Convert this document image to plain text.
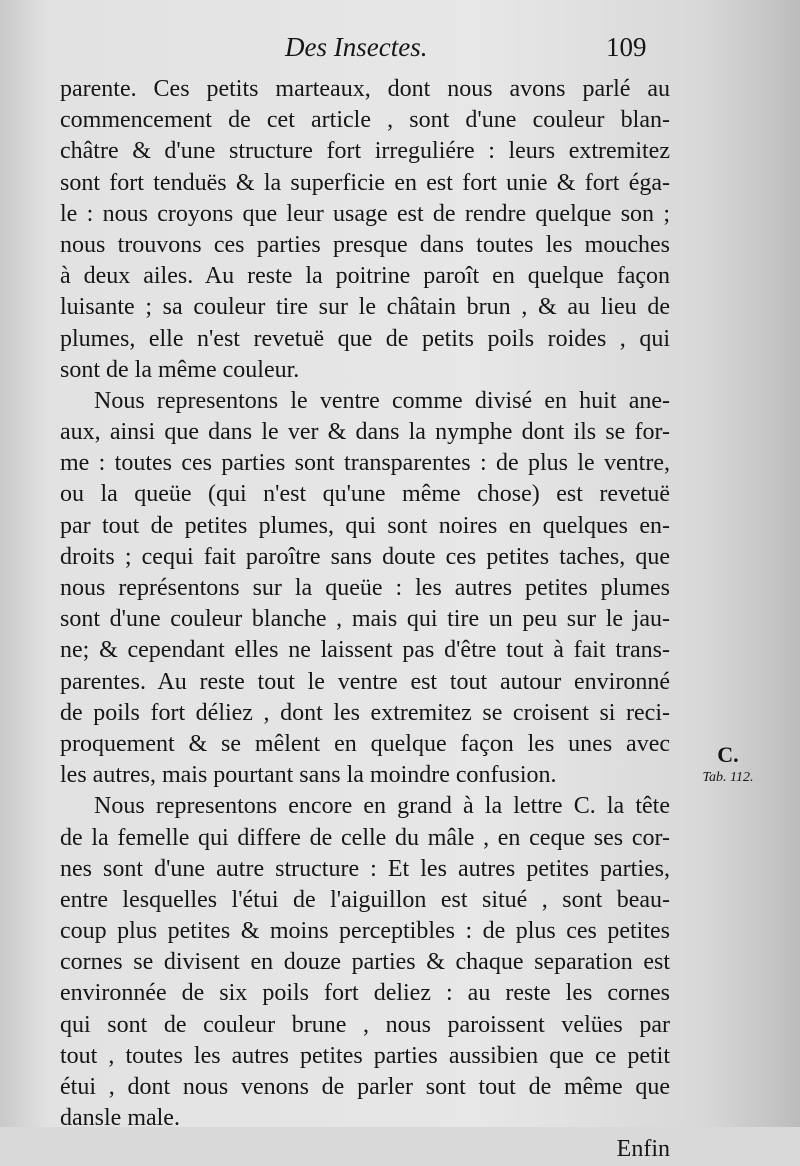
Des Insectes.	109
parente. Ces petits marteaux, dont nous avons parlé au
commencement de cet article , sont d'une couleur blan-
châtre & d'une structure fort irreguliére : leurs extremitez
sont fort tenduës & la superficie en est fort unie & fort éga-
le : nous croyons que leur usage est de rendre quelque son ;
nous trouvons ces parties presque dans toutes les mouches
à deux ailes. Au reste la poitrine paroît en quelque façon
luisante ; sa couleur tire sur le châtain brun , & au lieu de
plumes, elle n'est revetuë que de petits poils roides , qui
sont de la même couleur.
Nous representons le ventre comme divisé en huit ane-
aux, ainsi que dans le ver & dans la nymphe dont ils se for-
me : toutes ces parties sont transparentes : de plus le ventre,
ou la queüe (qui n'est qu'une même chose) est revetuë
par tout de petites plumes, qui sont noires en quelques en-
droits ; cequi fait paroître sans doute ces petites taches, que
nous représentons sur la queüe : les autres petites plumes
sont d'une couleur blanche , mais qui tire un peu sur le jau-
ne; & cependant elles ne laissent pas d'être tout à fait trans-
parentes. Au reste tout le ventre est tout autour environné
de poils fort déliez , dont les extremitez se croisent si reci-
proquement & se mêlent en quelque façon les unes avec
les autres, mais pourtant sans la moindre confusion.
Nous representons encore en grand à la lettre C. la tête
de la femelle qui differe de celle du mâle , en ceque ses cor-
nes sont d'une autre structure : Et les autres petites parties,
entre lesquelles l'étui de l'aiguillon est situé , sont beau-
coup plus petites & moins perceptibles : de plus ces petites
cornes se divisent en douze parties & chaque separation est
environnée de six poils fort deliez : au reste les cornes
qui sont de couleur brune , nous paroissent velües par
tout , toutes les autres petites parties aussibien que ce petit
étui , dont nous venons de parler sont tout de même que
dansle male.
Enfin
C.
Tab. 112.
